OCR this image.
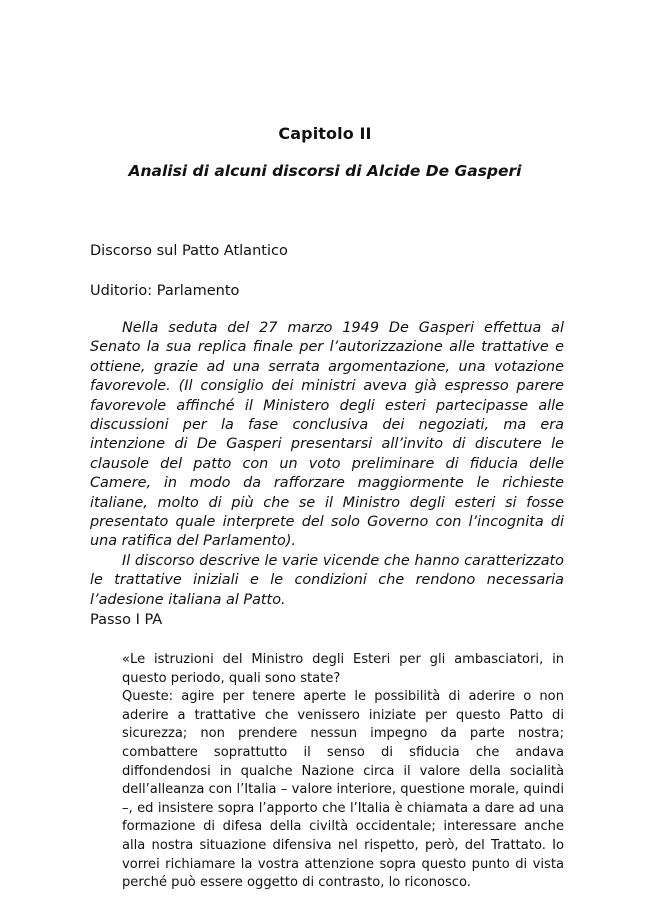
Capitolo II
Analisi di alcuni discorsi di Alcide De Gasperi
Discorso sul Patto Atlantico
Uditorio: Parlamento

Nella seduta del 27 marzo 1949 De Gasperi effettua al Senato la sua replica finale per l’autorizzazione alle trattative e ottiene, grazie ad una serrata argomentazione, una votazione favorevole. (Il consiglio dei ministri aveva già espresso parere favorevole affinché il Ministero degli esteri partecipasse alle discussioni per la fase conclusiva dei negoziati, ma era intenzione di De Gasperi presentarsi all’invito di discutere le clausole del patto con un voto preliminare di fiducia delle Camere, in modo da rafforzare maggiormente le richieste italiane, molto di più che se il Ministro degli esteri si fosse presentato quale interprete del solo Governo con l’incognita di una ratifica del Parlamento).

Il discorso descrive le varie vicende che hanno caratterizzato le trattative iniziali e le condizioni che rendono necessaria l’adesione italiana al Patto.

Passo I PA

«Le istruzioni del Ministro degli Esteri per gli ambasciatori, in questo periodo, quali sono state?

Queste: agire per tenere aperte le possibilità di aderire o non aderire a trattative che venissero iniziate per questo Patto di sicurezza; non prendere nessun impegno da parte nostra; combattere soprattutto il senso di sfiducia che andava diffondendosi in qualche Nazione circa il valore della socialità dell’alleanza con l’Italia – valore interiore, questione morale, quindi –, ed insistere sopra l’apporto che l’Italia è chiamata a dare ad una formazione di difesa della civiltà occidentale; interessare anche alla nostra situazione difensiva nel rispetto, però, del Trattato. Io vorrei richiamare la vostra attenzione sopra questo punto di vista perché può essere oggetto di contrasto, lo riconosco.
